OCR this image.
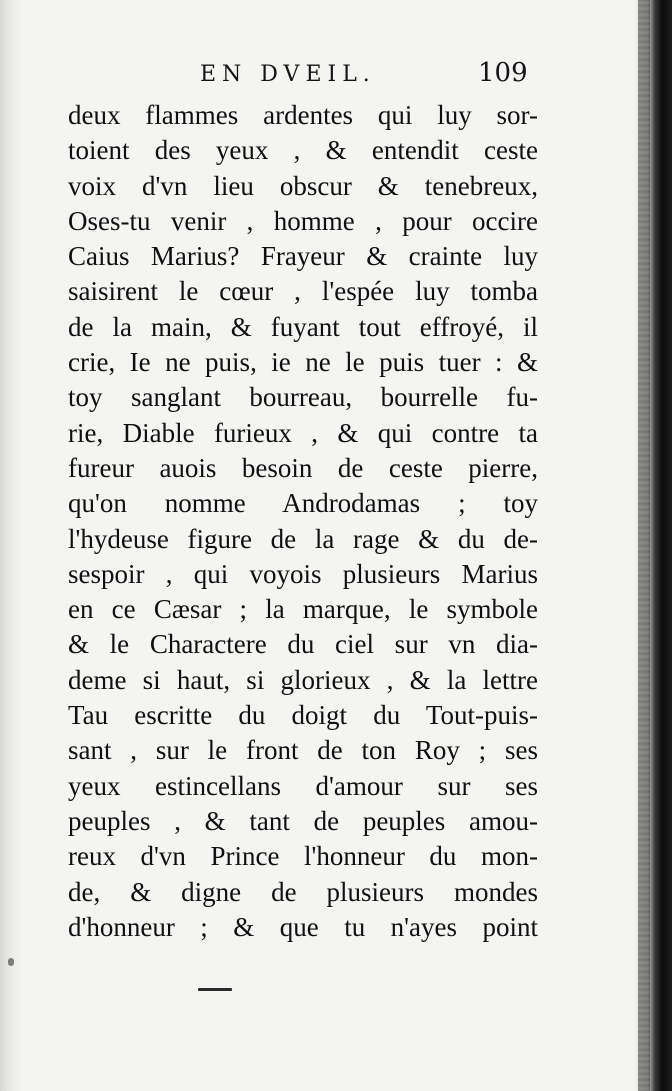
EN DVEIL.	109
deux flammes ardentes qui luy sor-
toient des yeux , & entendit ceste
voix d'vn lieu obscur & tenebreux,
Oses-tu venir , homme , pour occire
Caius Marius? Frayeur & crainte luy
saisirent le cœur , l'espée luy tomba
de la main, & fuyant tout effroyé, il
crie, Ie ne puis, ie ne le puis tuer : &
toy sanglant bourreau, bourrelle fu-
rie, Diable furieux , & qui contre ta
fureur auois besoin de ceste pierre,
qu'on nomme Androdamas ; toy
l'hydeuse figure de la rage & du de-
sespoir , qui voyois plusieurs Marius
en ce Cæsar ; la marque, le symbole
& le Charactere du ciel sur vn dia-
deme si haut, si glorieux , & la lettre
Tau escritte du doigt du Tout-puis-
sant , sur le front de ton Roy ; ses
yeux estincellans d'amour sur ses
peuples , & tant de peuples amou-
reux d'vn Prince l'honneur du mon-
de, & digne de plusieurs mondes
d'honneur ; & que tu n'ayes point
